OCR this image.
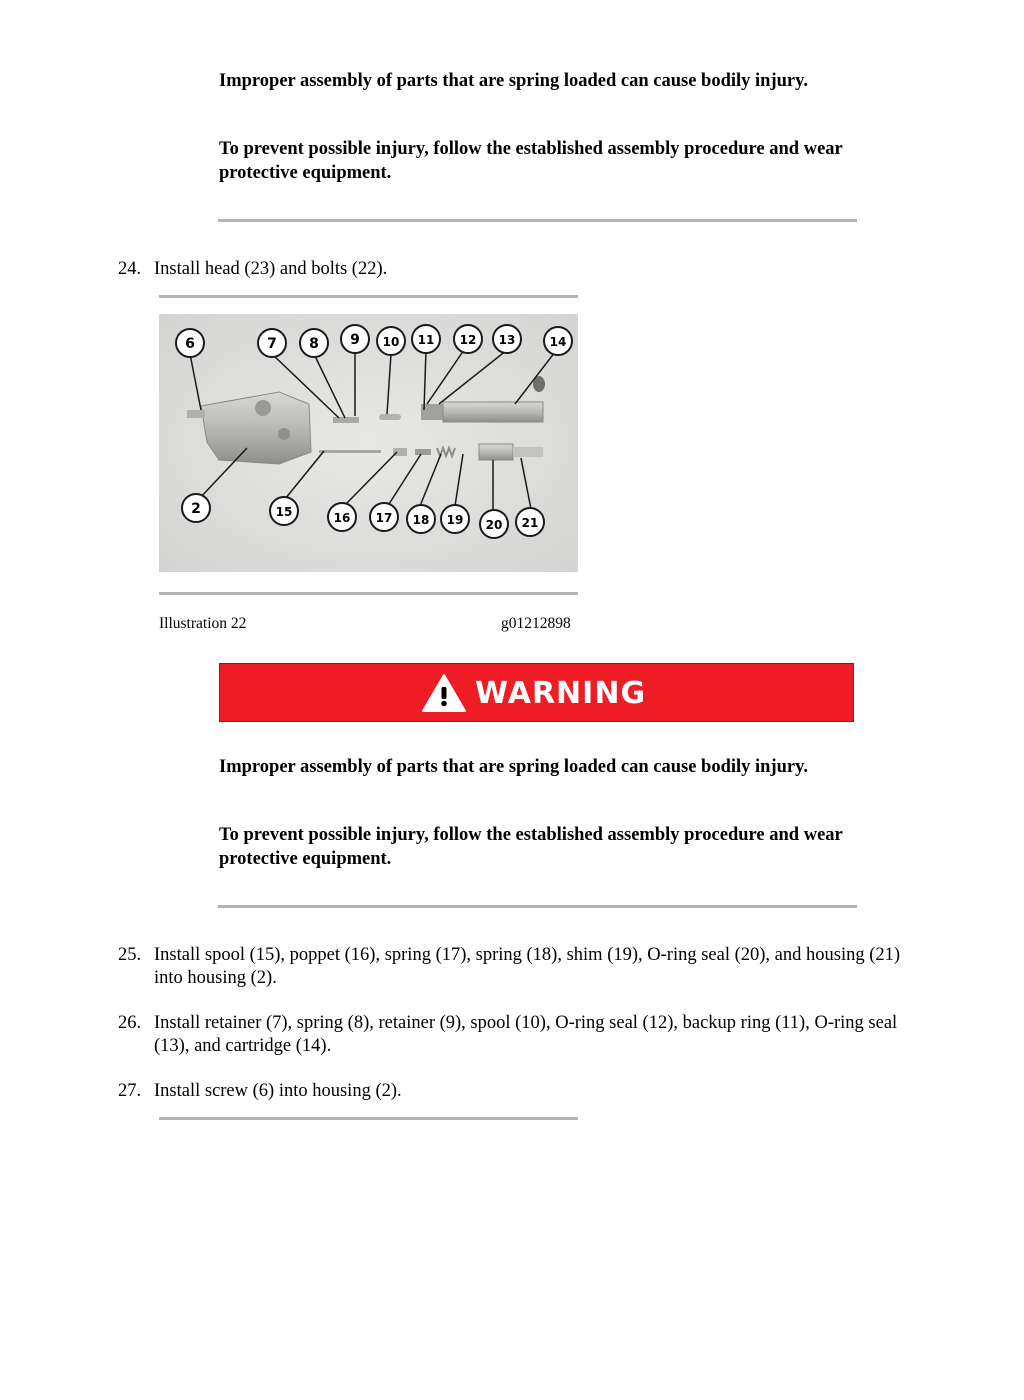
Improper assembly of parts that are spring loaded can cause bodily injury.
To prevent possible injury, follow the established assembly procedure and wear protective equipment.
24. Install head (23) and bolts (22).
6	7 8 9 10 11 12 13	14
2	15	16 17 18 19 20 21
Illustration 22	g01212898
WARNING
Improper assembly of parts that are spring loaded can cause bodily injury.
To prevent possible injury, follow the established assembly procedure and wear protective equipment.
25. Install spool (15), poppet (16), spring (17), spring (18), shim (19), O-ring seal (20), and housing (21) into housing (2).
26. Install retainer (7), spring (8), retainer (9), spool (10), O-ring seal (12), backup ring (11), O-ring seal (13), and cartridge (14).
27. Install screw (6) into housing (2).
